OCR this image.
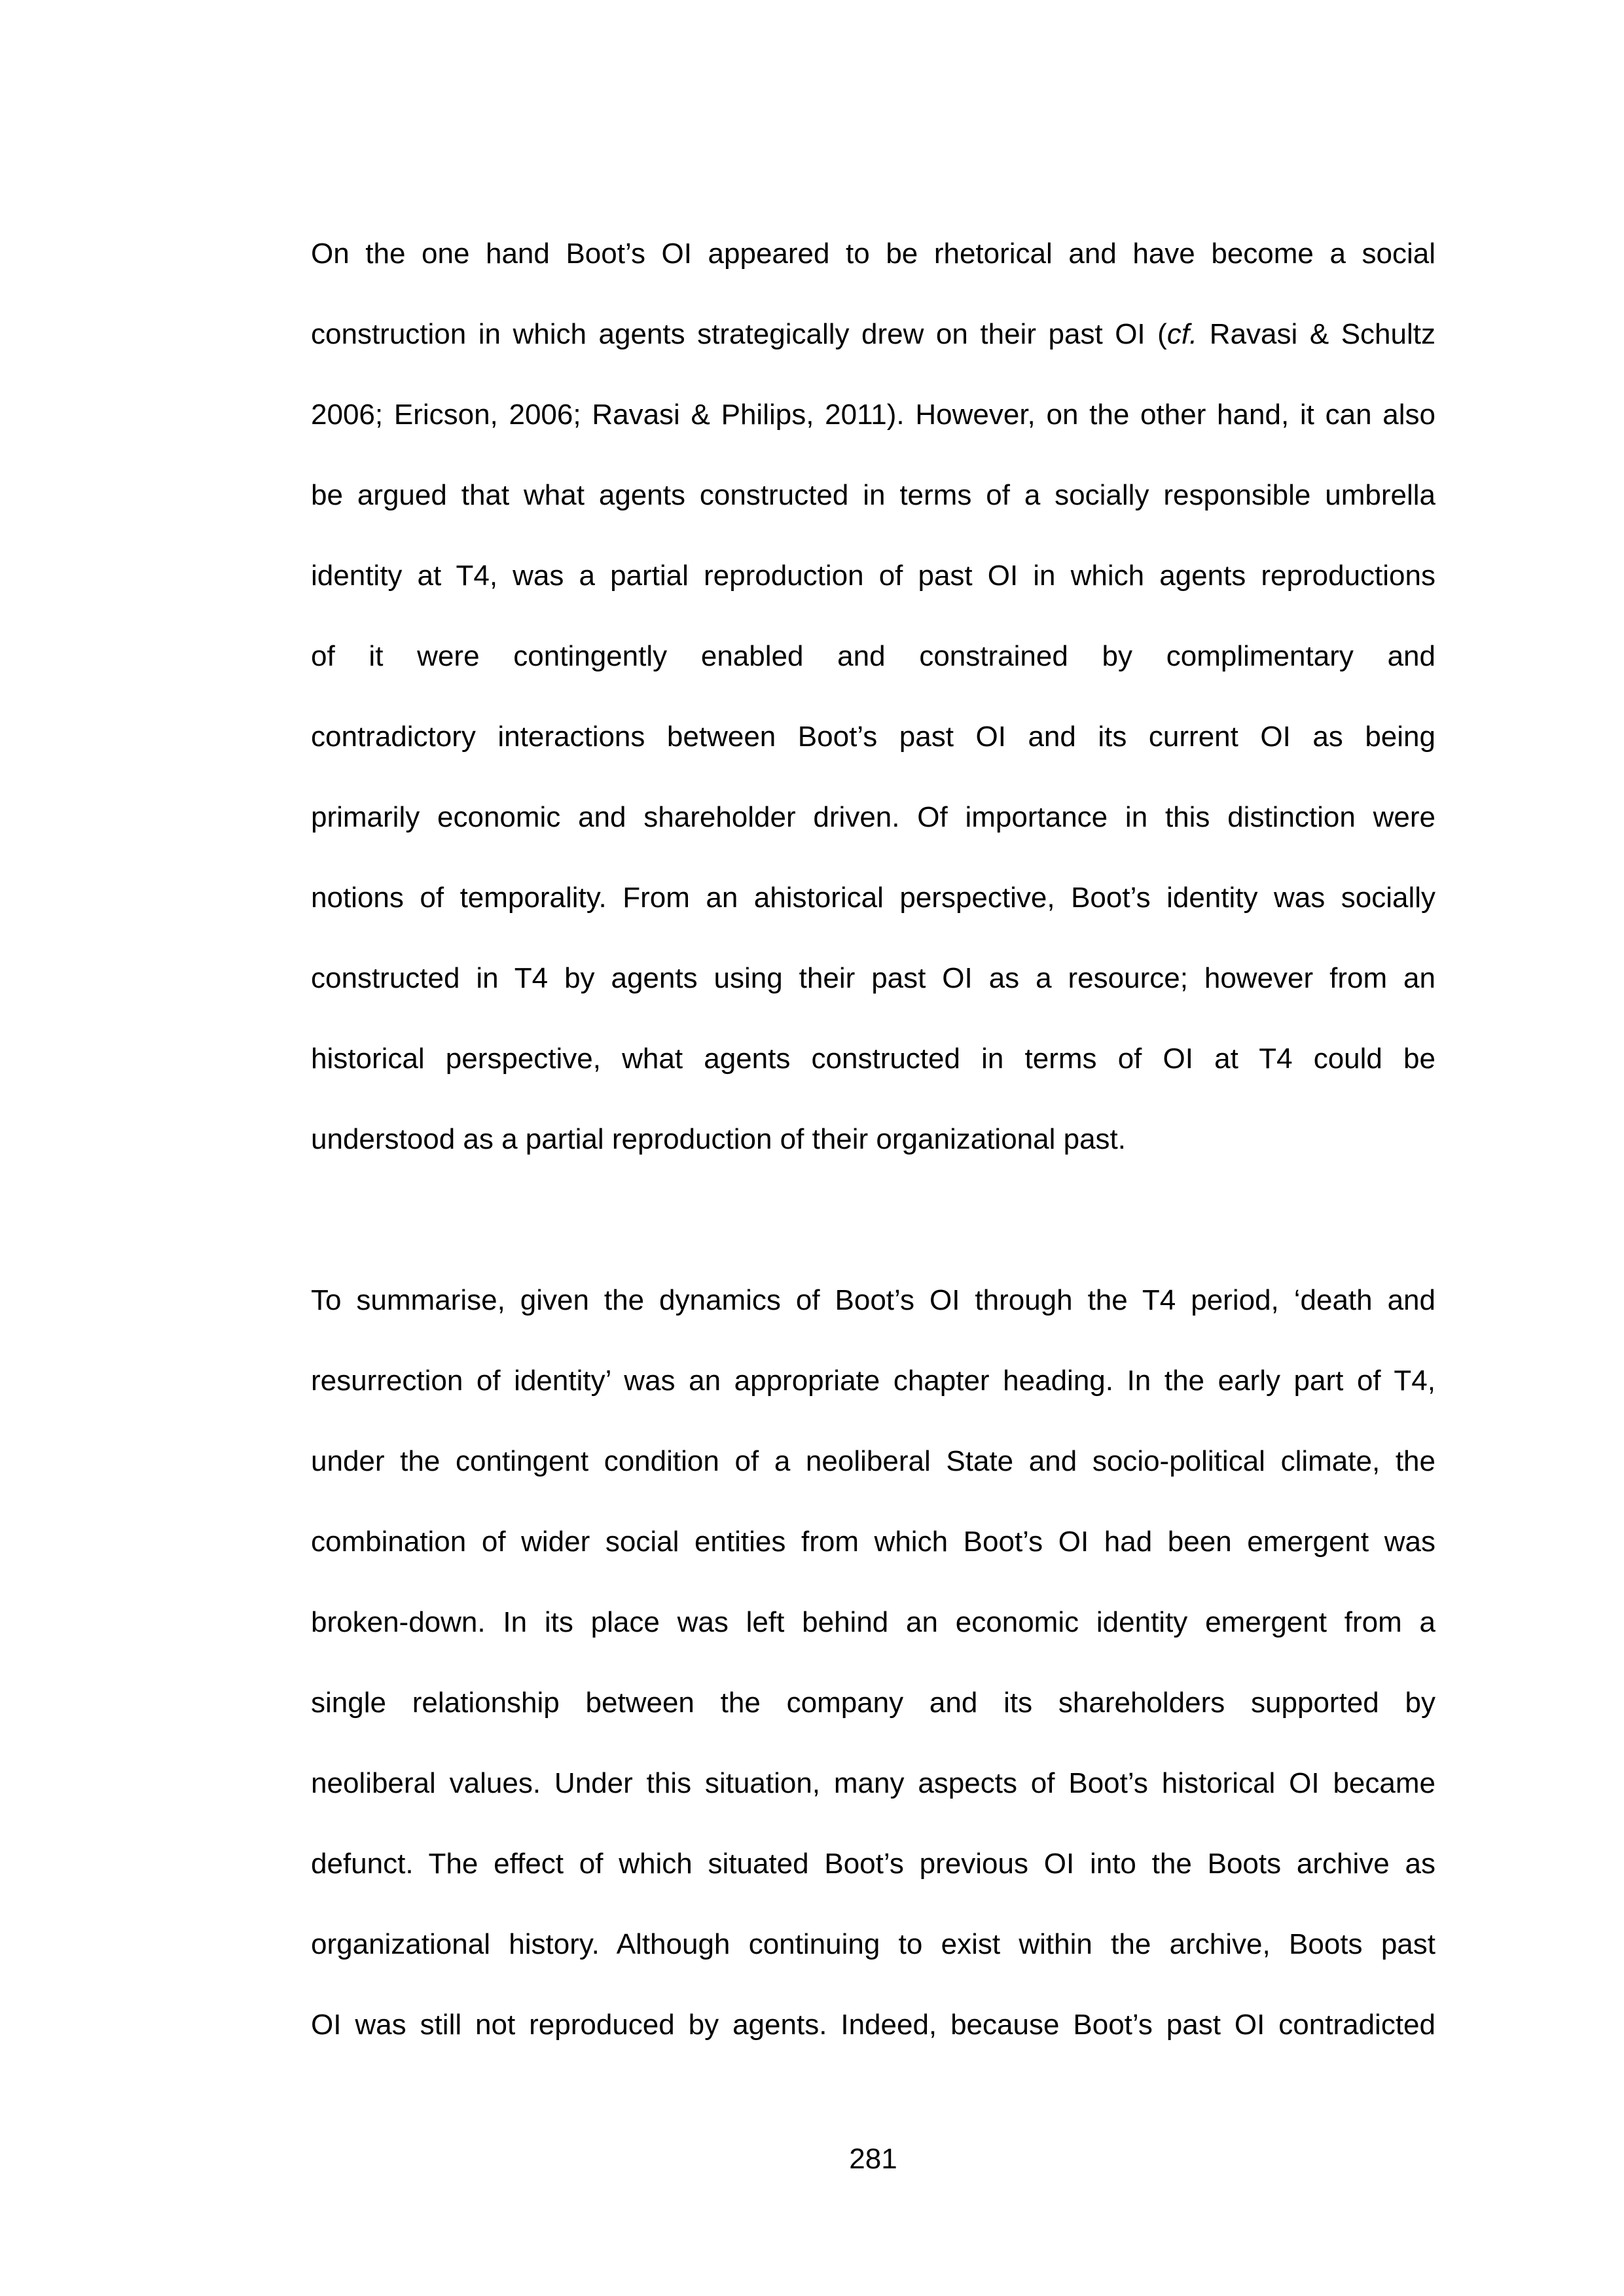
On the one hand Boot’s OI appeared to be rhetorical and have become a social
construction in which agents strategically drew on their past OI (cf. Ravasi & Schultz
2006; Ericson, 2006; Ravasi & Philips, 2011). However, on the other hand, it can also
be argued that what agents constructed in terms of a socially responsible umbrella
identity at T4, was a partial reproduction of past OI in which agents reproductions
of it were contingently enabled and constrained by complimentary and
contradictory interactions between Boot’s past OI and its current OI as being
primarily economic and shareholder driven. Of importance in this distinction were
notions of temporality. From an ahistorical perspective, Boot’s identity was socially
constructed in T4 by agents using their past OI as a resource; however from an
historical perspective, what agents constructed in terms of OI at T4 could be
understood as a partial reproduction of their organizational past.
To summarise, given the dynamics of Boot’s OI through the T4 period, ‘death and
resurrection of identity’ was an appropriate chapter heading. In the early part of T4,
under the contingent condition of a neoliberal State and socio-political climate, the
combination of wider social entities from which Boot’s OI had been emergent was
broken-down. In its place was left behind an economic identity emergent from a
single relationship between the company and its shareholders supported by
neoliberal values. Under this situation, many aspects of Boot’s historical OI became
defunct. The effect of which situated Boot’s previous OI into the Boots archive as
organizational history. Although continuing to exist within the archive, Boots past
OI was still not reproduced by agents. Indeed, because Boot’s past OI contradicted
281
